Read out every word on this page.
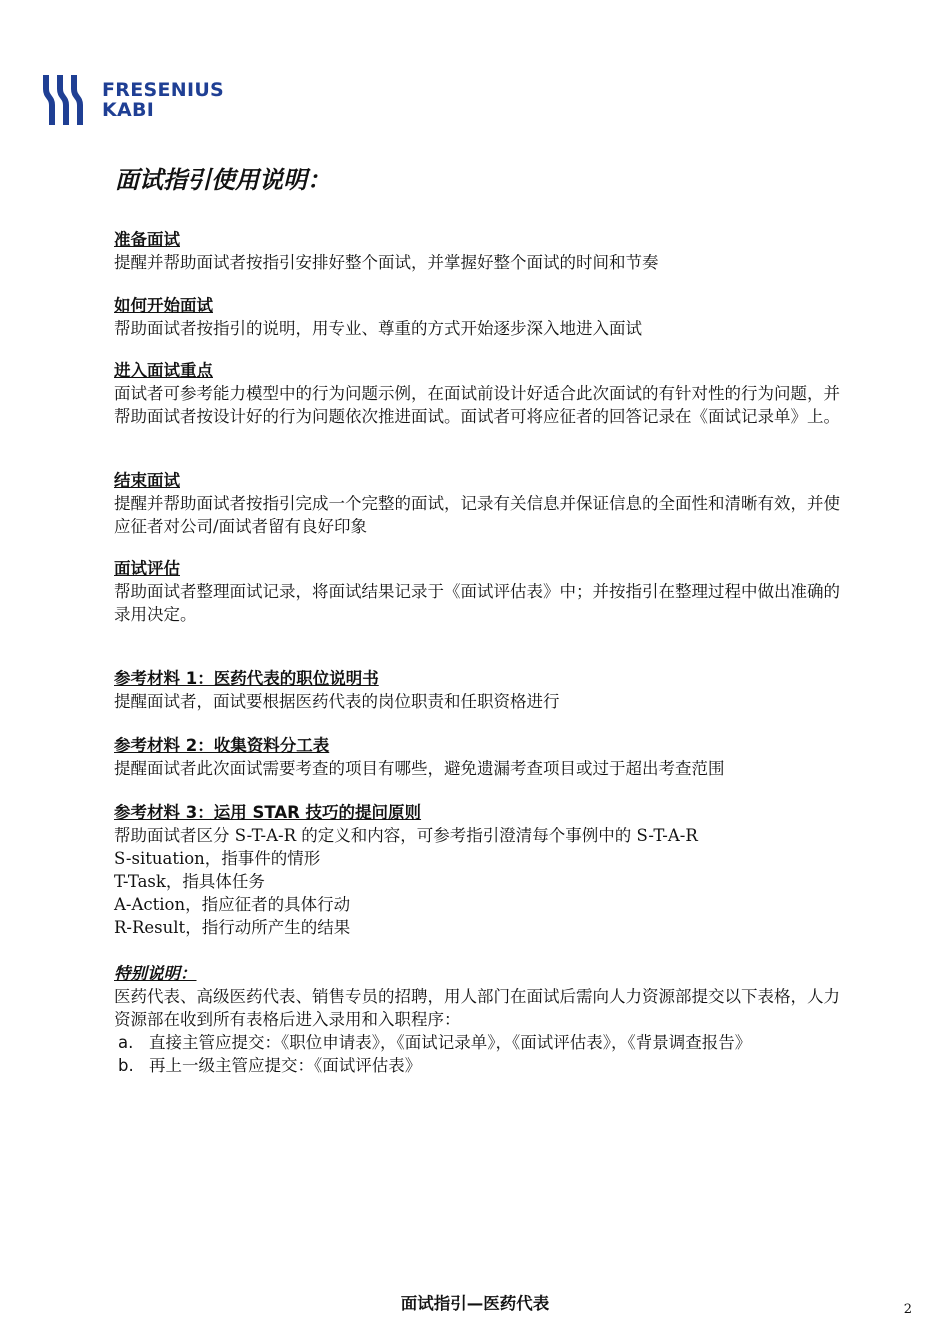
FRESENIUS
KABI
面试指引使用说明：
准备面试

提醒并帮助面试者按指引安排好整个面试，并掌握好整个面试的时间和节奏

如何开始面试

帮助面试者按指引的说明，用专业、尊重的方式开始逐步深入地进入面试

进入面试重点

面试者可参考能力模型中的行为问题示例，在面试前设计好适合此次面试的有针对性的行为问题，并帮助面试者按设计好的行为问题依次推进面试。面试者可将应征者的回答记录在《面试记录单》上。

结束面试

提醒并帮助面试者按指引完成一个完整的面试，记录有关信息并保证信息的全面性和清晰有效，并使应征者对公司/面试者留有良好印象

面试评估

帮助面试者整理面试记录，将面试结果记录于《面试评估表》中；并按指引在整理过程中做出准确的录用决定。

参考材料 1：医药代表的职位说明书

提醒面试者，面试要根据医药代表的岗位职责和任职资格进行

参考材料 2：收集资料分工表

提醒面试者此次面试需要考查的项目有哪些，避免遗漏考查项目或过于超出考查范围

参考材料 3：运用 STAR 技巧的提问原则

帮助面试者区分 S-T-A-R 的定义和内容，可参考指引澄清每个事例中的 S-T-A-R

S-situation，指事件的情形

T-Task，指具体任务

A-Action，指应征者的具体行动

R-Result，指行动所产生的结果

特别说明：

医药代表、高级医药代表、销售专员的招聘，用人部门在面试后需向人力资源部提交以下表格，人力资源部在收到所有表格后进入录用和入职程序：

a. 直接主管应提交：《职位申请表》，《面试记录单》，《面试评估表》，《背景调查报告》
b. 再上一级主管应提交：《面试评估表》
面试指引—医药代表	2
